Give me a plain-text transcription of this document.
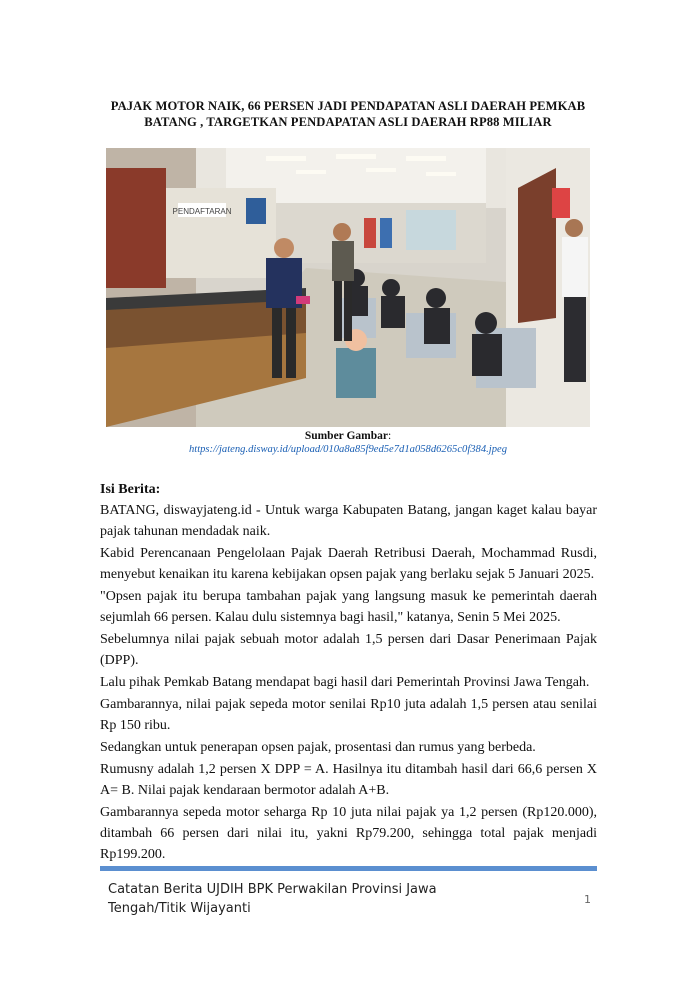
PAJAK MOTOR NAIK, 66 PERSEN JADI PENDAPATAN ASLI DAERAH PEMKAB BATANG , TARGETKAN PENDAPATAN ASLI DAERAH RP88 MILIAR
PENDAFTARAN
Sumber Gambar:
https://jateng.disway.id/upload/010a8a85f9ed5e7d1a058d6265c0f384.jpeg
Isi Berita:

BATANG, diswayjateng.id - Untuk warga Kabupaten Batang, jangan kaget kalau bayar pajak tahunan mendadak naik.

Kabid Perencanaan Pengelolaan Pajak Daerah Retribusi Daerah, Mochammad Rusdi, menyebut kenaikan itu karena kebijakan opsen pajak yang berlaku sejak 5 Januari 2025.

"Opsen pajak itu berupa tambahan pajak yang langsung masuk ke pemerintah daerah sejumlah 66 persen. Kalau dulu sistemnya bagi hasil," katanya, Senin 5 Mei 2025.

Sebelumnya nilai pajak sebuah motor adalah 1,5 persen dari Dasar Penerimaan Pajak (DPP).

Lalu pihak Pemkab Batang mendapat bagi hasil dari Pemerintah Provinsi Jawa Tengah.

Gambarannya, nilai pajak sepeda motor senilai Rp10 juta adalah 1,5 persen atau senilai Rp 150 ribu.

Sedangkan untuk penerapan opsen pajak, prosentasi dan rumus yang berbeda.

Rumusny adalah 1,2 persen X DPP = A. Hasilnya itu ditambah hasil dari 66,6 persen X A= B. Nilai pajak kendaraan bermotor adalah A+B.

Gambarannya sepeda motor seharga Rp 10 juta nilai pajak ya 1,2 persen (Rp120.000), ditambah 66 persen dari nilai itu, yakni Rp79.200, sehingga total pajak menjadi Rp199.200.

Catatan Berita UJDIH BPK Perwakilan Provinsi Jawa Tengah/Titik Wijayanti
1
